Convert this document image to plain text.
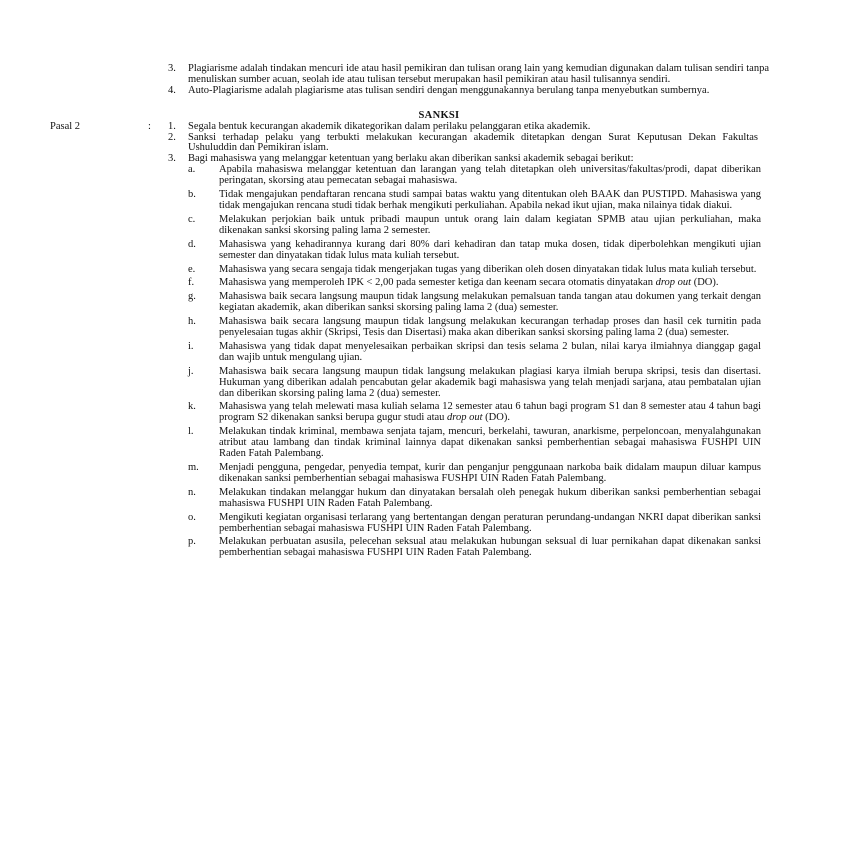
3.	Plagiarisme adalah tindakan mencuri ide atau hasil pemikiran dan tulisan orang lain yang kemudian digunakan dalam tulisan sendiri tanpa menuliskan sumber acuan, seolah ide atau tulisan tersebut merupakan hasil pemikiran atau hasil tulisannya sendiri.
4.	Auto-Plagiarisme adalah plagiarisme atas tulisan sendiri dengan menggunakannya berulang tanpa menyebutkan sumbernya.
SANKSI
Pasal 2	: 1.	Segala bentuk kecurangan akademik dikategorikan dalam perilaku pelanggaran etika akademik.
2.	Sanksi terhadap pelaku yang terbukti melakukan kecurangan akademik ditetapkan dengan Surat Keputusan Dekan Fakultas Ushuluddin dan Pemikiran islam.
3.	Bagi mahasiswa yang melanggar ketentuan yang berlaku akan diberikan sanksi akademik sebagai berikut:
a.	Apabila mahasiswa melanggar ketentuan dan larangan yang telah ditetapkan oleh universitas/fakultas/prodi, dapat diberikan peringatan, skorsing atau pemecatan sebagai mahasiswa.
b.	Tidak mengajukan pendaftaran rencana studi sampai batas waktu yang ditentukan oleh BAAK dan PUSTIPD. Mahasiswa yang tidak mengajukan rencana studi tidak berhak mengikuti perkuliahan. Apabila nekad ikut ujian, maka nilainya tidak diakui.
c.	Melakukan perjokian baik untuk pribadi maupun untuk orang lain dalam kegiatan SPMB atau ujian perkuliahan, maka dikenakan sanksi skorsing paling lama 2 semester.
d.	Mahasiswa yang kehadirannya kurang dari 80% dari kehadiran dan tatap muka dosen, tidak diperbolehkan mengikuti ujian semester dan dinyatakan tidak lulus mata kuliah tersebut.
e.	Mahasiswa yang secara sengaja tidak mengerjakan tugas yang diberikan oleh dosen dinyatakan tidak lulus mata kuliah tersebut.
f.	Mahasiswa yang memperoleh IPK < 2,00 pada semester ketiga dan keenam secara otomatis dinyatakan drop out (DO).
g.	Mahasiswa baik secara langsung maupun tidak langsung melakukan pemalsuan tanda tangan atau dokumen yang terkait dengan kegiatan akademik, akan diberikan sanksi skorsing paling lama 2 (dua) semester.
h.	Mahasiswa baik secara langsung maupun tidak langsung melakukan kecurangan terhadap proses dan hasil cek turnitin pada penyelesaian tugas akhir (Skripsi, Tesis dan Disertasi) maka akan diberikan sanksi skorsing paling lama 2 (dua) semester.
i.	Mahasiswa yang tidak dapat menyelesaikan perbaikan skripsi dan tesis selama 2 bulan, nilai karya ilmiahnya dianggap gagal dan wajib untuk mengulang ujian.
j.	Mahasiswa baik secara langsung maupun tidak langsung melakukan plagiasi karya ilmiah berupa skripsi, tesis dan disertasi. Hukuman yang diberikan adalah pencabutan gelar akademik bagi mahasiswa yang telah menjadi sarjana, atau pembatalan ujian dan diberikan skorsing paling lama 2 (dua) semester.
k.	Mahasiswa yang telah melewati masa kuliah selama 12 semester atau 6 tahun bagi program S1 dan 8 semester atau 4 tahun bagi program S2 dikenakan sanksi berupa gugur studi atau drop out (DO).
l.	Melakukan tindak kriminal, membawa senjata tajam, mencuri, berkelahi, tawuran, anarkisme, perpeloncoan, menyalahgunakan atribut atau lambang dan tindak kriminal lainnya dapat dikenakan sanksi pemberhentian sebagai mahasiswa FUSHPI UIN Raden Fatah Palembang.
m.	Menjadi pengguna, pengedar, penyedia tempat, kurir dan penganjur penggunaan narkoba baik didalam maupun diluar kampus dikenakan sanksi pemberhentian sebagai mahasiswa FUSHPI UIN Raden Fatah Palembang.
n.	Melakukan tindakan melanggar hukum dan dinyatakan bersalah oleh penegak hukum diberikan sanksi pemberhentian sebagai mahasiswa FUSHPI UIN Raden Fatah Palembang.
o.	Mengikuti kegiatan organisasi terlarang yang bertentangan dengan peraturan perundang-undangan NKRI dapat diberikan sanksi pemberhentian sebagai mahasiswa FUSHPI UIN Raden Fatah Palembang.
p.	Melakukan perbuatan asusila, pelecehan seksual atau melakukan hubungan seksual di luar pernikahan dapat dikenakan sanksi pemberhentian sebagai mahasiswa FUSHPI UIN Raden Fatah Palembang.
